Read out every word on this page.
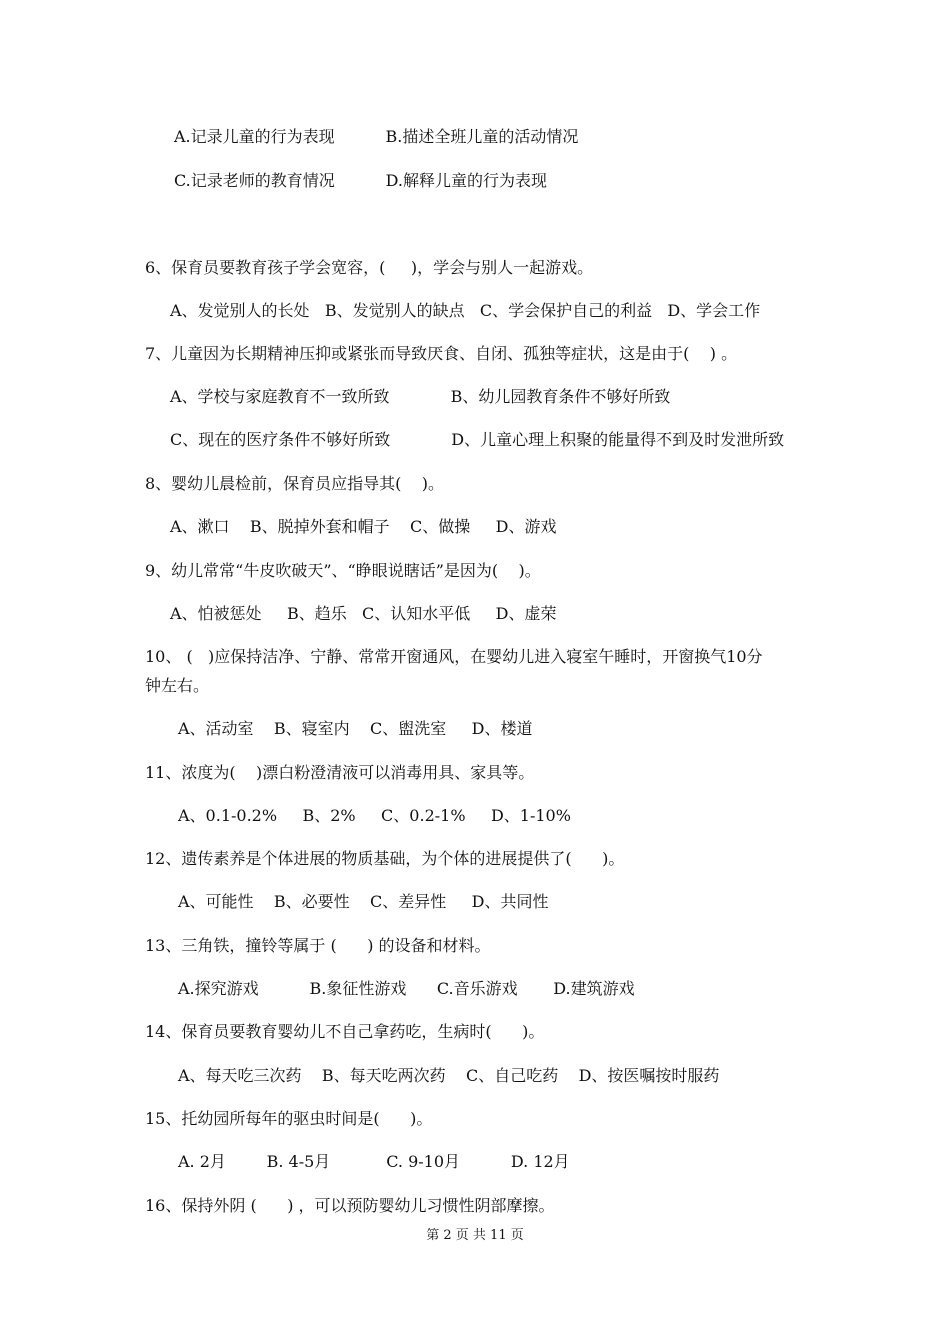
A.记录儿童的行为表现          B.描述全班儿童的活动情况
C.记录老师的教育情况          D.解释儿童的行为表现
6、保育员要教育孩子学会宽容，(     )，学会与别人一起游戏。
A、发觉别人的长处   B、发觉别人的缺点   C、学会保护自己的利益   D、学会工作
7、儿童因为长期精神压抑或紧张而导致厌食、自闭、孤独等症状，这是由于(    ) 。
A、学校与家庭教育不一致所致            B、幼儿园教育条件不够好所致
C、现在的医疗条件不够好所致            D、儿童心理上积聚的能量得不到及时发泄所致
8、婴幼儿晨检前，保育员应指导其(    )。
A、漱口    B、脱掉外套和帽子    C、做操     D、游戏
9、幼儿常常“牛皮吹破天”、“睁眼说瞎话”是因为(    )。
A、怕被惩处     B、趋乐   C、认知水平低     D、虚荣
10、 (   )应保持洁净、宁静、常常开窗通风，在婴幼儿进入寝室午睡时，开窗换气10分
钟左右。
A、活动室    B、寝室内    C、盥洗室     D、楼道
11、浓度为(    )漂白粉澄清液可以消毒用具、家具等。
A、0.1-0.2%     B、2%     C、0.2-1%     D、1-10%
12、遗传素养是个体进展的物质基础，为个体的进展提供了(      )。
A、可能性    B、必要性    C、差异性     D、共同性
13、三角铁，撞铃等属于 (      ) 的设备和材料。
A.探究游戏          B.象征性游戏      C.音乐游戏       D.建筑游戏
14、保育员要教育婴幼儿不自己拿药吃，生病时(      )。
A、每天吃三次药    B、每天吃两次药    C、自己吃药    D、按医嘱按时服药
15、托幼园所每年的驱虫时间是(      )。
A. 2月        B. 4-5月           C. 9-10月          D. 12月
16、保持外阴 (      ) ，可以预防婴幼儿习惯性阴部摩擦。
第 2 页 共 11 页
